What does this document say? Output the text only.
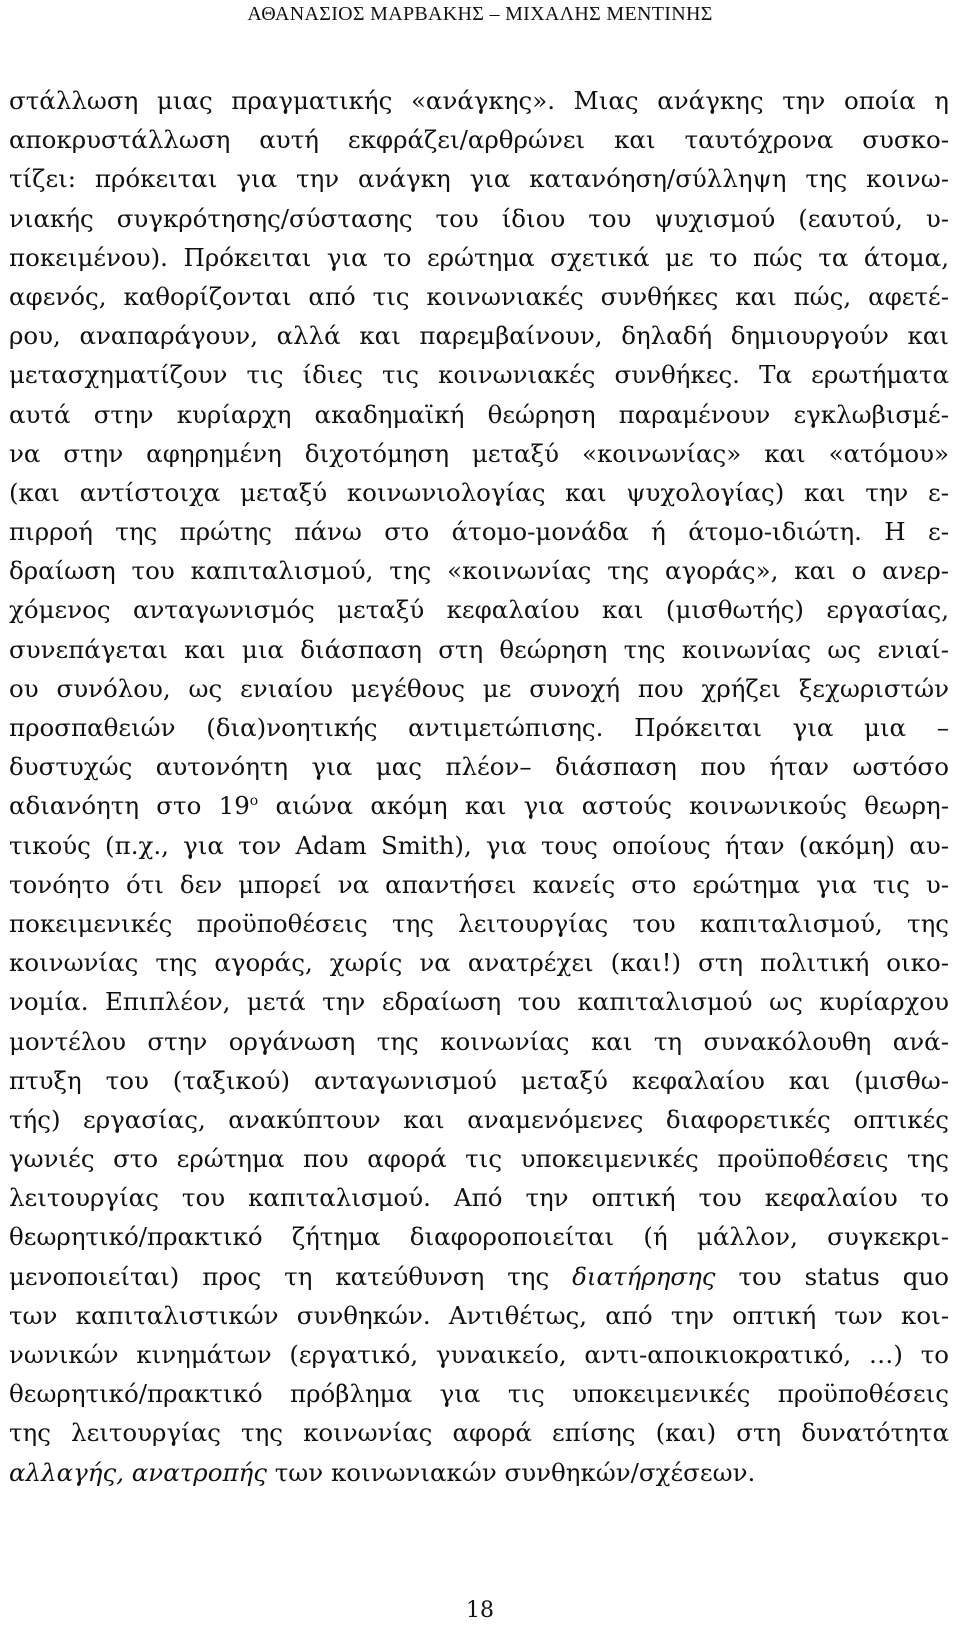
ΑΘΑΝΑΣΙΟΣ ΜΑΡΒΑΚΗΣ – ΜΙΧΑΛΗΣ ΜΕΝΤΙΝΗΣ
στάλλωση μιας πραγματικής «ανάγκης». Μιας ανάγκης την οποία η
αποκρυστάλλωση αυτή εκφράζει/αρθρώνει και ταυτόχρονα συσκο-
τίζει: πρόκειται για την ανάγκη για κατανόηση/σύλληψη της κοινω-
νιακής συγκρότησης/σύστασης του ίδιου του ψυχισμού (εαυτού, υ-
ποκειμένου). Πρόκειται για το ερώτημα σχετικά με το πώς τα άτομα,
αφενός, καθορίζονται από τις κοινωνιακές συνθήκες και πώς, αφετέ-
ρου, αναπαράγουν, αλλά και παρεμβαίνουν, δηλαδή δημιουργούν και
μετασχηματίζουν τις ίδιες τις κοινωνιακές συνθήκες. Τα ερωτήματα
αυτά στην κυρίαρχη ακαδημαϊκή θεώρηση παραμένουν εγκλωβισμέ-
να στην αφηρημένη διχοτόμηση μεταξύ «κοινωνίας» και «ατόμου»
(και αντίστοιχα μεταξύ κοινωνιολογίας και ψυχολογίας) και την ε-
πιρροή της πρώτης πάνω στο άτομο-μονάδα ή άτομο-ιδιώτη. Η ε-
δραίωση του καπιταλισμού, της «κοινωνίας της αγοράς», και ο ανερ-
χόμενος ανταγωνισμός μεταξύ κεφαλαίου και (μισθωτής) εργασίας,
συνεπάγεται και μια διάσπαση στη θεώρηση της κοινωνίας ως ενιαί-
ου συνόλου, ως ενιαίου μεγέθους με συνοχή που χρήζει ξεχωριστών
προσπαθειών (δια)νοητικής αντιμετώπισης. Πρόκειται για μια –
δυστυχώς αυτονόητη για μας πλέον– διάσπαση που ήταν ωστόσο
αδιανόητη στο $19^o$ αιώνα ακόμη και για αστούς κοινωνικούς θεωρη-
τικούς (π.χ., για τον Adam Smith), για τους οποίους ήταν (ακόμη) αυ-
τονόητο ότι δεν μπορεί να απαντήσει κανείς στο ερώτημα για τις υ-
ποκειμενικές προϋποθέσεις της λειτουργίας του καπιταλισμού, της
κοινωνίας της αγοράς, χωρίς να ανατρέχει (και!) στη πολιτική οικο-
νομία. Επιπλέον, μετά την εδραίωση του καπιταλισμού ως κυρίαρχου
μοντέλου στην οργάνωση της κοινωνίας και τη συνακόλουθη ανά-
πτυξη του (ταξικού) ανταγωνισμού μεταξύ κεφαλαίου και (μισθω-
τής) εργασίας, ανακύπτουν και αναμενόμενες διαφορετικές οπτικές
γωνιές στο ερώτημα που αφορά τις υποκειμενικές προϋποθέσεις της
λειτουργίας του καπιταλισμού. Από την οπτική του κεφαλαίου το
θεωρητικό/πρακτικό ζήτημα διαφοροποιείται (ή μάλλον, συγκεκρι-
μενοποιείται) προς τη κατεύθυνση της διατήρησης του status quo
των καπιταλιστικών συνθηκών. Αντιθέτως, από την οπτική των κοι-
νωνικών κινημάτων (εργατικό, γυναικείο, αντι-αποικιοκρατικό, …) το
θεωρητικό/πρακτικό πρόβλημα για τις υποκειμενικές προϋποθέσεις
της λειτουργίας της κοινωνίας αφορά επίσης (και) στη δυνατότητα
αλλαγής, ανατροπής των κοινωνιακών συνθηκών/σχέσεων.
18
